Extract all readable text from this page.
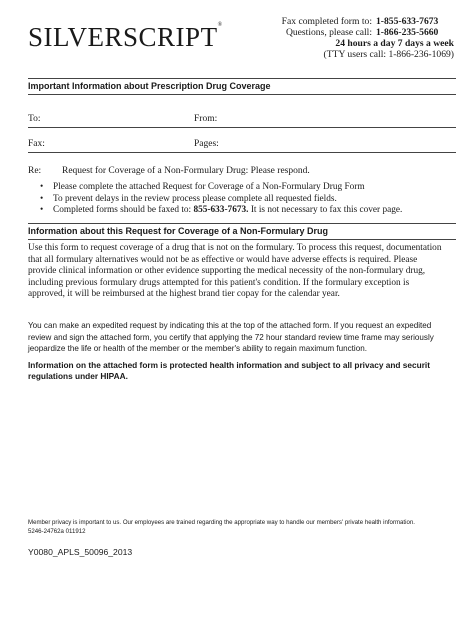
SILVERSCRIPT®	Fax completed form to: 1-855-633-7673
Questions, please call: 1-866-235-5660
24 hours a day 7 days a week
(TTY users call: 1-866-236-1069)
Important Information about Prescription Drug Coverage
To:	From:
Fax:	Pages:
Re: Request for Coverage of a Non-Formulary Drug: Please respond.
• Please complete the attached Request for Coverage of a Non-Formulary Drug Form
• To prevent delays in the review process please complete all requested fields.
• Completed forms should be faxed to: 855-633-7673. It is not necessary to fax this cover page.
Information about this Request for Coverage of a Non-Formulary Drug
Use this form to request coverage of a drug that is not on the formulary. To process this request, documentation that all formulary alternatives would not be as effective or would have adverse effects is required. Please provide clinical information or other evidence supporting the medical necessity of the non-formulary drug, including previous formulary drugs attempted for this patient's condition. If the formulary exception is approved, it will be reimbursed at the highest brand tier copay for the calendar year.
You can make an expedited request by indicating this at the top of the attached form. If you request an expedited review and sign the attached form, you certify that applying the 72 hour standard review time frame may seriously jeopardize the life or health of the member or the member's ability to regain maximum function.
Information on the attached form is protected health information and subject to all privacy and securit regulations under HIPAA.
Member privacy is important to us. Our employees are trained regarding the appropriate way to handle our members' private health information.
5246-24762a 011912
Y0080_APLS_50096_2013
